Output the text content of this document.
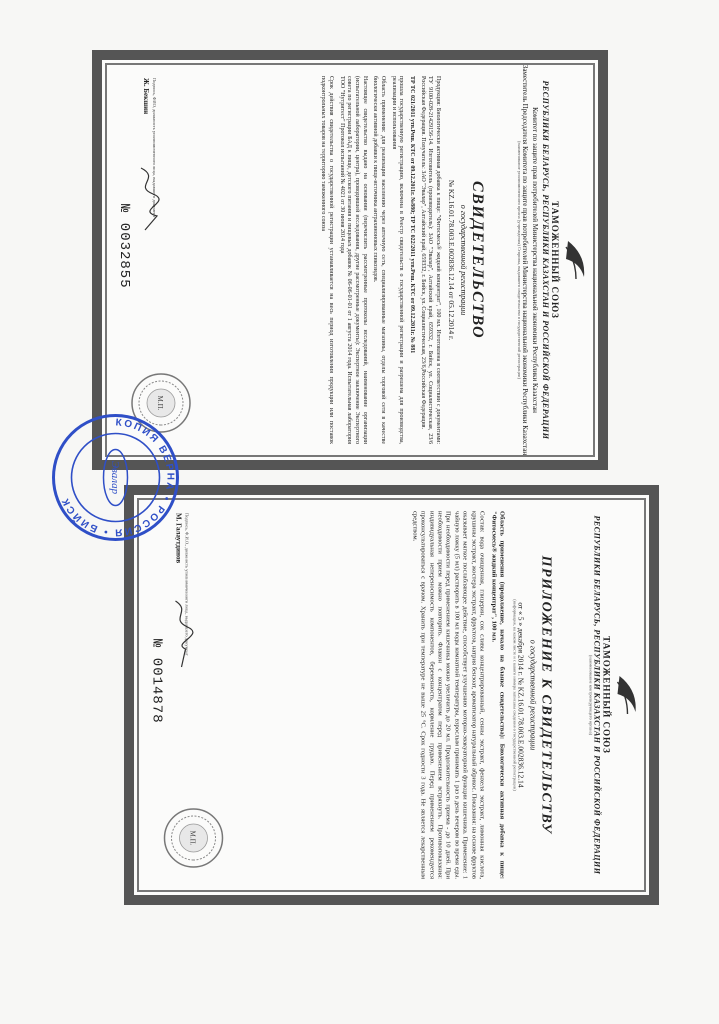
ТАМОЖЕННЫЙ СОЮЗ
РЕСПУБЛИКИ БЕЛАРУСЬ, РЕСПУБЛИКИ КАЗАХСТАН И РОССИЙСКОЙ ФЕДЕРАЦИИ
Комитет по защите прав потребителей Министерства национальной экономики Республики Казахстан
Заместитель Председателя Комитета по защите прав потребителей Министерства национальной экономики Республики Казахстан
(наименование уполномоченного органа (учреждения) Стороны, выдавшего свидетельство о государственной регистрации)
СВИДЕТЕЛЬСТВО
о государственной регистрации
№ KZ.16.01.78.003.Е.002836.12.14 от 05.12.2014 г.

Продукция: Биологически активная добавка к пище: "Фитосмесь® жидкий концентрат", 100 мл. Изготовлена в соответствии с документами: ТУ 9100-028-21429156-14. Изготовитель (производитель): ЗАО "Эвалар", Алтайский край, 659332, г. Бийск, ул. Социалистическая, 23/6 Российская Федерация. Получатель: ЗАО "Эвалар", Алтайский край, 659332, г. Бийск, ул. Социалистическая, 23/6,Российская Федерация.

ТР ТС 021/2011 утв.Реш. КТС от 09.12.2011г. №880; ТР ТС 022/2011 утв.Реш. КТС от 09.12.2011г. № 881

прошла государственную регистрацию, включена в Реестр свидетельств о государственной регистрации и разрешена для производства, реализации и использования

Область применения: для реализации населению через аптечную сеть, специализированные магазины, отделы торговой сети в качестве биологически активной добавки к пище-источника антрахиноновых гликозидов.

Настоящее свидетельство выдано на основании (перечислить рассмотренные протоколы исследований, наименование организации (испытательной лаборатории, центра), проводившей исследования, другие рассмотренные документы): Экспертное заключение Экспертного совета по регистрации БАД к пище, детского питания и пищевых добавок № 06-06-01-01 от 1 августа 2014 года. Испытательная лаборатория ТОО "Нутритест" Протокол испытаний № 4021 от 30 июня 2014 года

Срок действия свидетельства о государственной регистрации устанавливается на весь период изготовления продукции или поставок подконтрольных товаров на территорию таможенного союза

Подпись, ФИО, должность уполномоченного лица, выдавшего документ
Ж. Бекшин
№ 0032855
М.П.
ТАМОЖЕННЫЙ СОЮЗ
РЕСПУБЛИКИ БЕЛАРУСЬ, РЕСПУБЛИКИ КАЗАХСТАН И РОССИЙСКОЙ ФЕДЕРАЦИИ
(наименование контролирующего органа)
ПРИЛОЖЕНИЕ К СВИДЕТЕЛЬСТВУ
о государственной регистрации
от « 5 » декабря 2014 г. № KZ.16.01.78.003.Е.002836.12.14
(информация, на каком листе и с какого номера записаны сведения о государственной регистрации)

Область применения (продолжение, начало на бланке свидетельства): Биологически активная добавка к пище: "Фитосмесь® жидкий концентрат", 100 мл.

Состав: вода очищенная, глицерин, сок сливы концентрированный, сенны экстракт, фенхеля экстракт, лимонная кислота, крушины экстракт, жостера экстракт, фруктоза, натрия бензоат, ароматизатор натуральный абрикос. Показания: на основе фруктов оказывает мягкое послабляющее действие, способствует улучшению моторно-эвакуаторной функции кишечника. Применение: 1 чайную ложку (5 мл) растворить в 100 мл воды комнатной температуры, взрослым принимать 1 раз в день вечером во время еды. При необходимости перед применением кишечника можно увеличить до 20 мл. Продолжительность приема - до 10 дней. При необходимости прием можно повторить. Флакон с концентратом перед применением встряхнуть. Противопоказания: индивидуальная непереносимость компонентов, беременность, кормление грудью. Перед применением рекомендуется проконсультироваться с врачом. Хранить при температуре не выше 25 °С. Срок годности 3 года. Не является лекарственным средством.

Подпись, Ф.И.О., должность уполномоченного лица, выдавшего документ
М. Галаутдинов
№ 0014878
М.П.
КОПИЯ ВЕРНА • РОССИЯ • БИЙСК
Эвалар
